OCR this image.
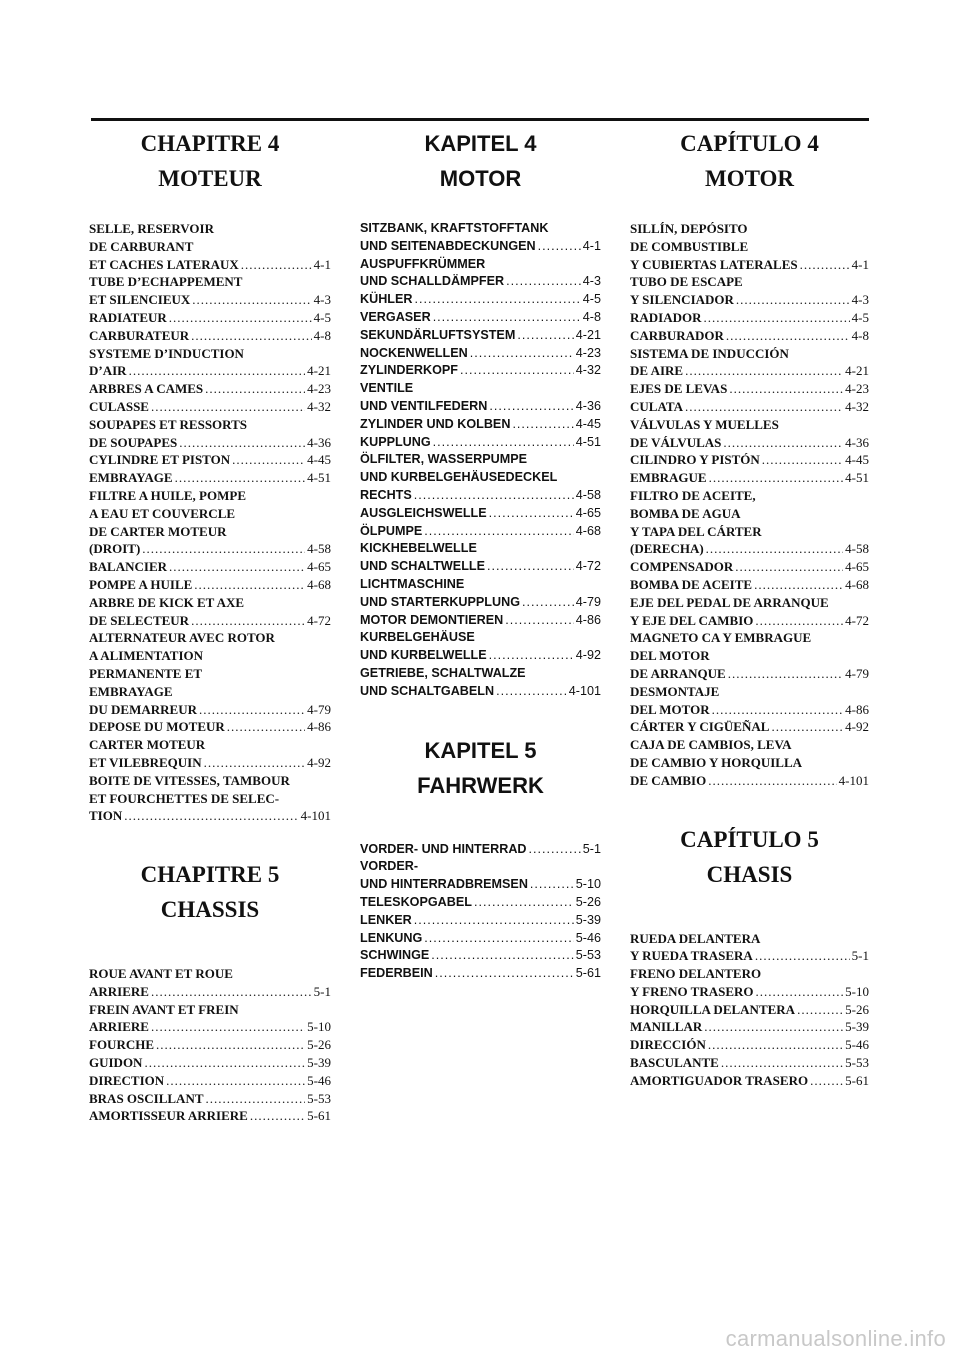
CHAPITRE 4
MOTEUR
SELLE, RESERVOIR
DE CARBURANT
ET CACHES LATERAUX .....	4-1
TUBE D’ECHAPPEMENT
ET SILENCIEUX .....	4-3
RADIATEUR .....	4-5
CARBURATEUR .....	4-8
SYSTEME D’INDUCTION
D’AIR .....	4-21
ARBRES A CAMES .....	4-23
CULASSE .....	4-32
SOUPAPES ET RESSORTS
DE SOUPAPES .....	4-36
CYLINDRE ET PISTON .....	4-45
EMBRAYAGE .....	4-51
FILTRE A HUILE, POMPE
A EAU ET COUVERCLE
DE CARTER MOTEUR
(DROIT) .....	4-58
BALANCIER .....	4-65
POMPE A HUILE .....	4-68
ARBRE DE KICK ET AXE
DE SELECTEUR .....	4-72
ALTERNATEUR AVEC ROTOR
A ALIMENTATION
PERMANENTE ET
EMBRAYAGE
DU DEMARREUR .....	4-79
DEPOSE DU MOTEUR .....	4-86
CARTER MOTEUR
ET VILEBREQUIN .....	4-92
BOITE DE VITESSES, TAMBOUR
ET FOURCHETTES DE SELEC-
TION .....	4-101
CHAPITRE 5
CHASSIS
ROUE AVANT ET ROUE
ARRIERE .....	5-1
FREIN AVANT ET FREIN
ARRIERE .....	5-10
FOURCHE .....	5-26
GUIDON .....	5-39
DIRECTION .....	5-46
BRAS OSCILLANT .....	5-53
AMORTISSEUR ARRIERE .....	5-61
KAPITEL 4
MOTOR
SITZBANK, KRAFTSTOFFTANK
UND SEITENABDECKUNGEN .....	4-1
AUSPUFFKRÜMMER
UND SCHALLDÄMPFER .....	4-3
KÜHLER .....	4-5
VERGASER .....	4-8
SEKUNDÄRLUFTSYSTEM .....	4-21
NOCKENWELLEN .....	4-23
ZYLINDERKOPF .....	4-32
VENTILE
UND VENTILFEDERN .....	4-36
ZYLINDER UND KOLBEN .....	4-45
KUPPLUNG .....	4-51
ÖLFILTER, WASSERPUMPE
UND KURBELGEHÄUSEDECKEL
RECHTS .....	4-58
AUSGLEICHSWELLE .....	4-65
ÖLPUMPE .....	4-68
KICKHEBELWELLE
UND SCHALTWELLE .....	4-72
LICHTMASCHINE
UND STARTERKUPPLUNG .....	4-79
MOTOR DEMONTIEREN .....	4-86
KURBELGEHÄUSE
UND KURBELWELLE .....	4-92
GETRIEBE, SCHALTWALZE
UND SCHALTGABELN .....	4-101
KAPITEL 5
FAHRWERK
VORDER- UND HINTERRAD .....	5-1
VORDER-
UND HINTERRADBREMSEN .....	5-10
TELESKOPGABEL .....	5-26
LENKER .....	5-39
LENKUNG .....	5-46
SCHWINGE .....	5-53
FEDERBEIN .....	5-61
CAPÍTULO 4
MOTOR
SILLÍN, DEPÓSITO
DE COMBUSTIBLE
Y CUBIERTAS LATERALES .....	4-1
TUBO DE ESCAPE
Y SILENCIADOR .....	4-3
RADIADOR .....	4-5
CARBURADOR .....	4-8
SISTEMA DE INDUCCIÓN
DE AIRE .....	4-21
EJES DE LEVAS .....	4-23
CULATA .....	4-32
VÁLVULAS Y MUELLES
DE VÁLVULAS .....	4-36
CILINDRO Y PISTÓN .....	4-45
EMBRAGUE .....	4-51
FILTRO DE ACEITE,
BOMBA DE AGUA
Y TAPA DEL CÁRTER
(DERECHA) .....	4-58
COMPENSADOR .....	4-65
BOMBA DE ACEITE .....	4-68
EJE DEL PEDAL DE ARRANQUE
Y EJE DEL CAMBIO .....	4-72
MAGNETO CA Y EMBRAGUE
DEL MOTOR
DE ARRANQUE .....	4-79
DESMONTAJE
DEL MOTOR .....	4-86
CÁRTER Y CIGÜEÑAL .....	4-92
CAJA DE CAMBIOS, LEVA
DE CAMBIO Y HORQUILLA
DE CAMBIO .....	4-101
CAPÍTULO 5
CHASIS
RUEDA DELANTERA
Y RUEDA TRASERA .....	5-1
FRENO DELANTERO
Y FRENO TRASERO .....	5-10
HORQUILLA DELANTERA .....	5-26
MANILLAR .....	5-39
DIRECCIÓN .....	5-46
BASCULANTE .....	5-53
AMORTIGUADOR TRASERO .....	5-61
carmanualsonline.info
